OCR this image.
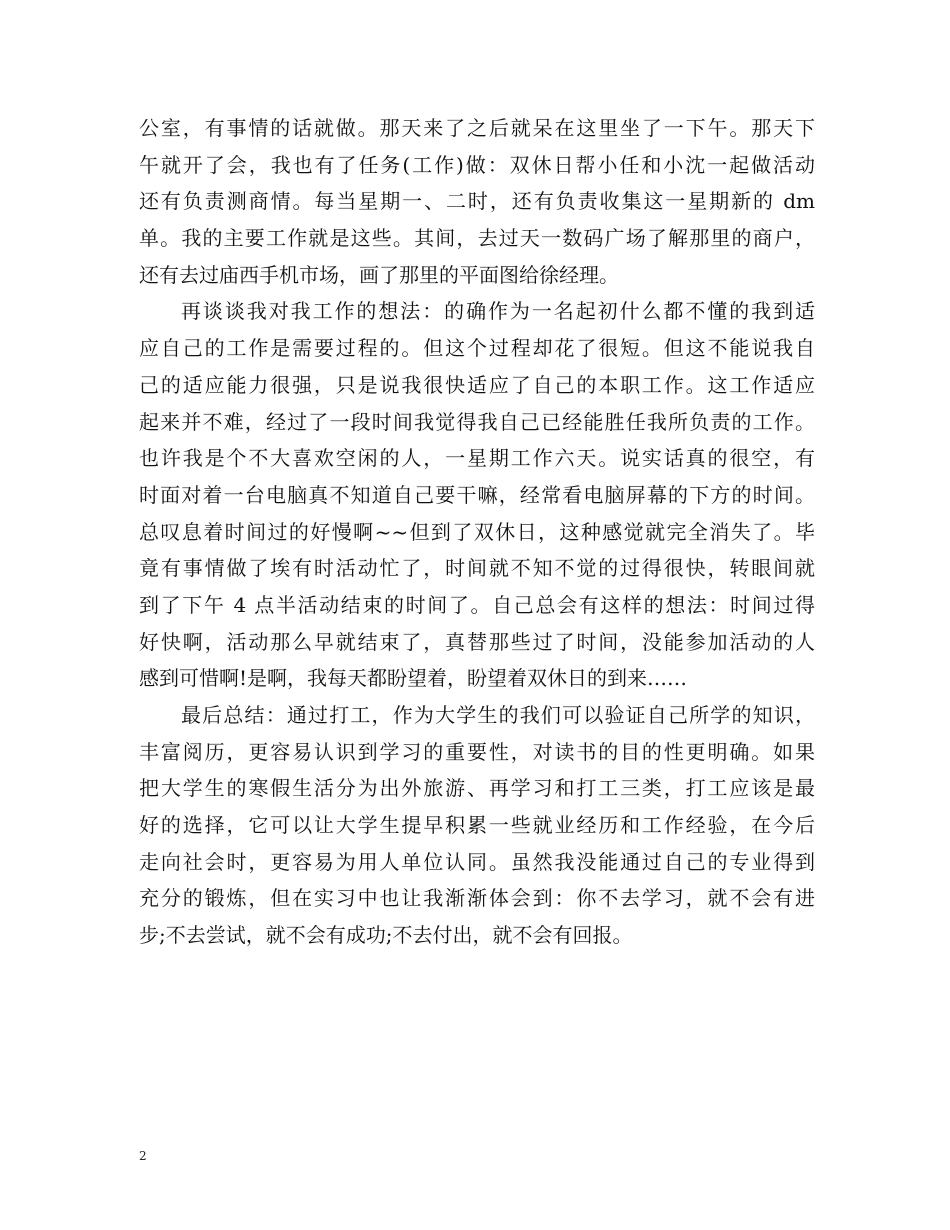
公室，有事情的话就做。那天来了之后就呆在这里坐了一下午。那天下
午就开了会，我也有了任务(工作)做：双休日帮小任和小沈一起做活动
还有负责测商情。每当星期一、二时，还有负责收集这一星期新的 dm
单。我的主要工作就是这些。其间，去过天一数码广场了解那里的商户，
还有去过庙西手机市场，画了那里的平面图给徐经理。
再谈谈我对我工作的想法：的确作为一名起初什么都不懂的我到适
应自己的工作是需要过程的。但这个过程却花了很短。但这不能说我自
己的适应能力很强，只是说我很快适应了自己的本职工作。这工作适应
起来并不难，经过了一段时间我觉得我自己已经能胜任我所负责的工作。
也许我是个不大喜欢空闲的人，一星期工作六天。说实话真的很空，有
时面对着一台电脑真不知道自己要干嘛，经常看电脑屏幕的下方的时间。
总叹息着时间过的好慢啊~~但到了双休日，这种感觉就完全消失了。毕
竟有事情做了埃有时活动忙了，时间就不知不觉的过得很快，转眼间就
到了下午 4 点半活动结束的时间了。自己总会有这样的想法：时间过得
好快啊，活动那么早就结束了，真替那些过了时间，没能参加活动的人
感到可惜啊!是啊，我每天都盼望着，盼望着双休日的到来……
最后总结：通过打工，作为大学生的我们可以验证自己所学的知识，
丰富阅历，更容易认识到学习的重要性，对读书的目的性更明确。如果
把大学生的寒假生活分为出外旅游、再学习和打工三类，打工应该是最
好的选择，它可以让大学生提早积累一些就业经历和工作经验，在今后
走向社会时，更容易为用人单位认同。虽然我没能通过自己的专业得到
充分的锻炼，但在实习中也让我渐渐体会到：你不去学习，就不会有进
步;不去尝试，就不会有成功;不去付出，就不会有回报。
2
